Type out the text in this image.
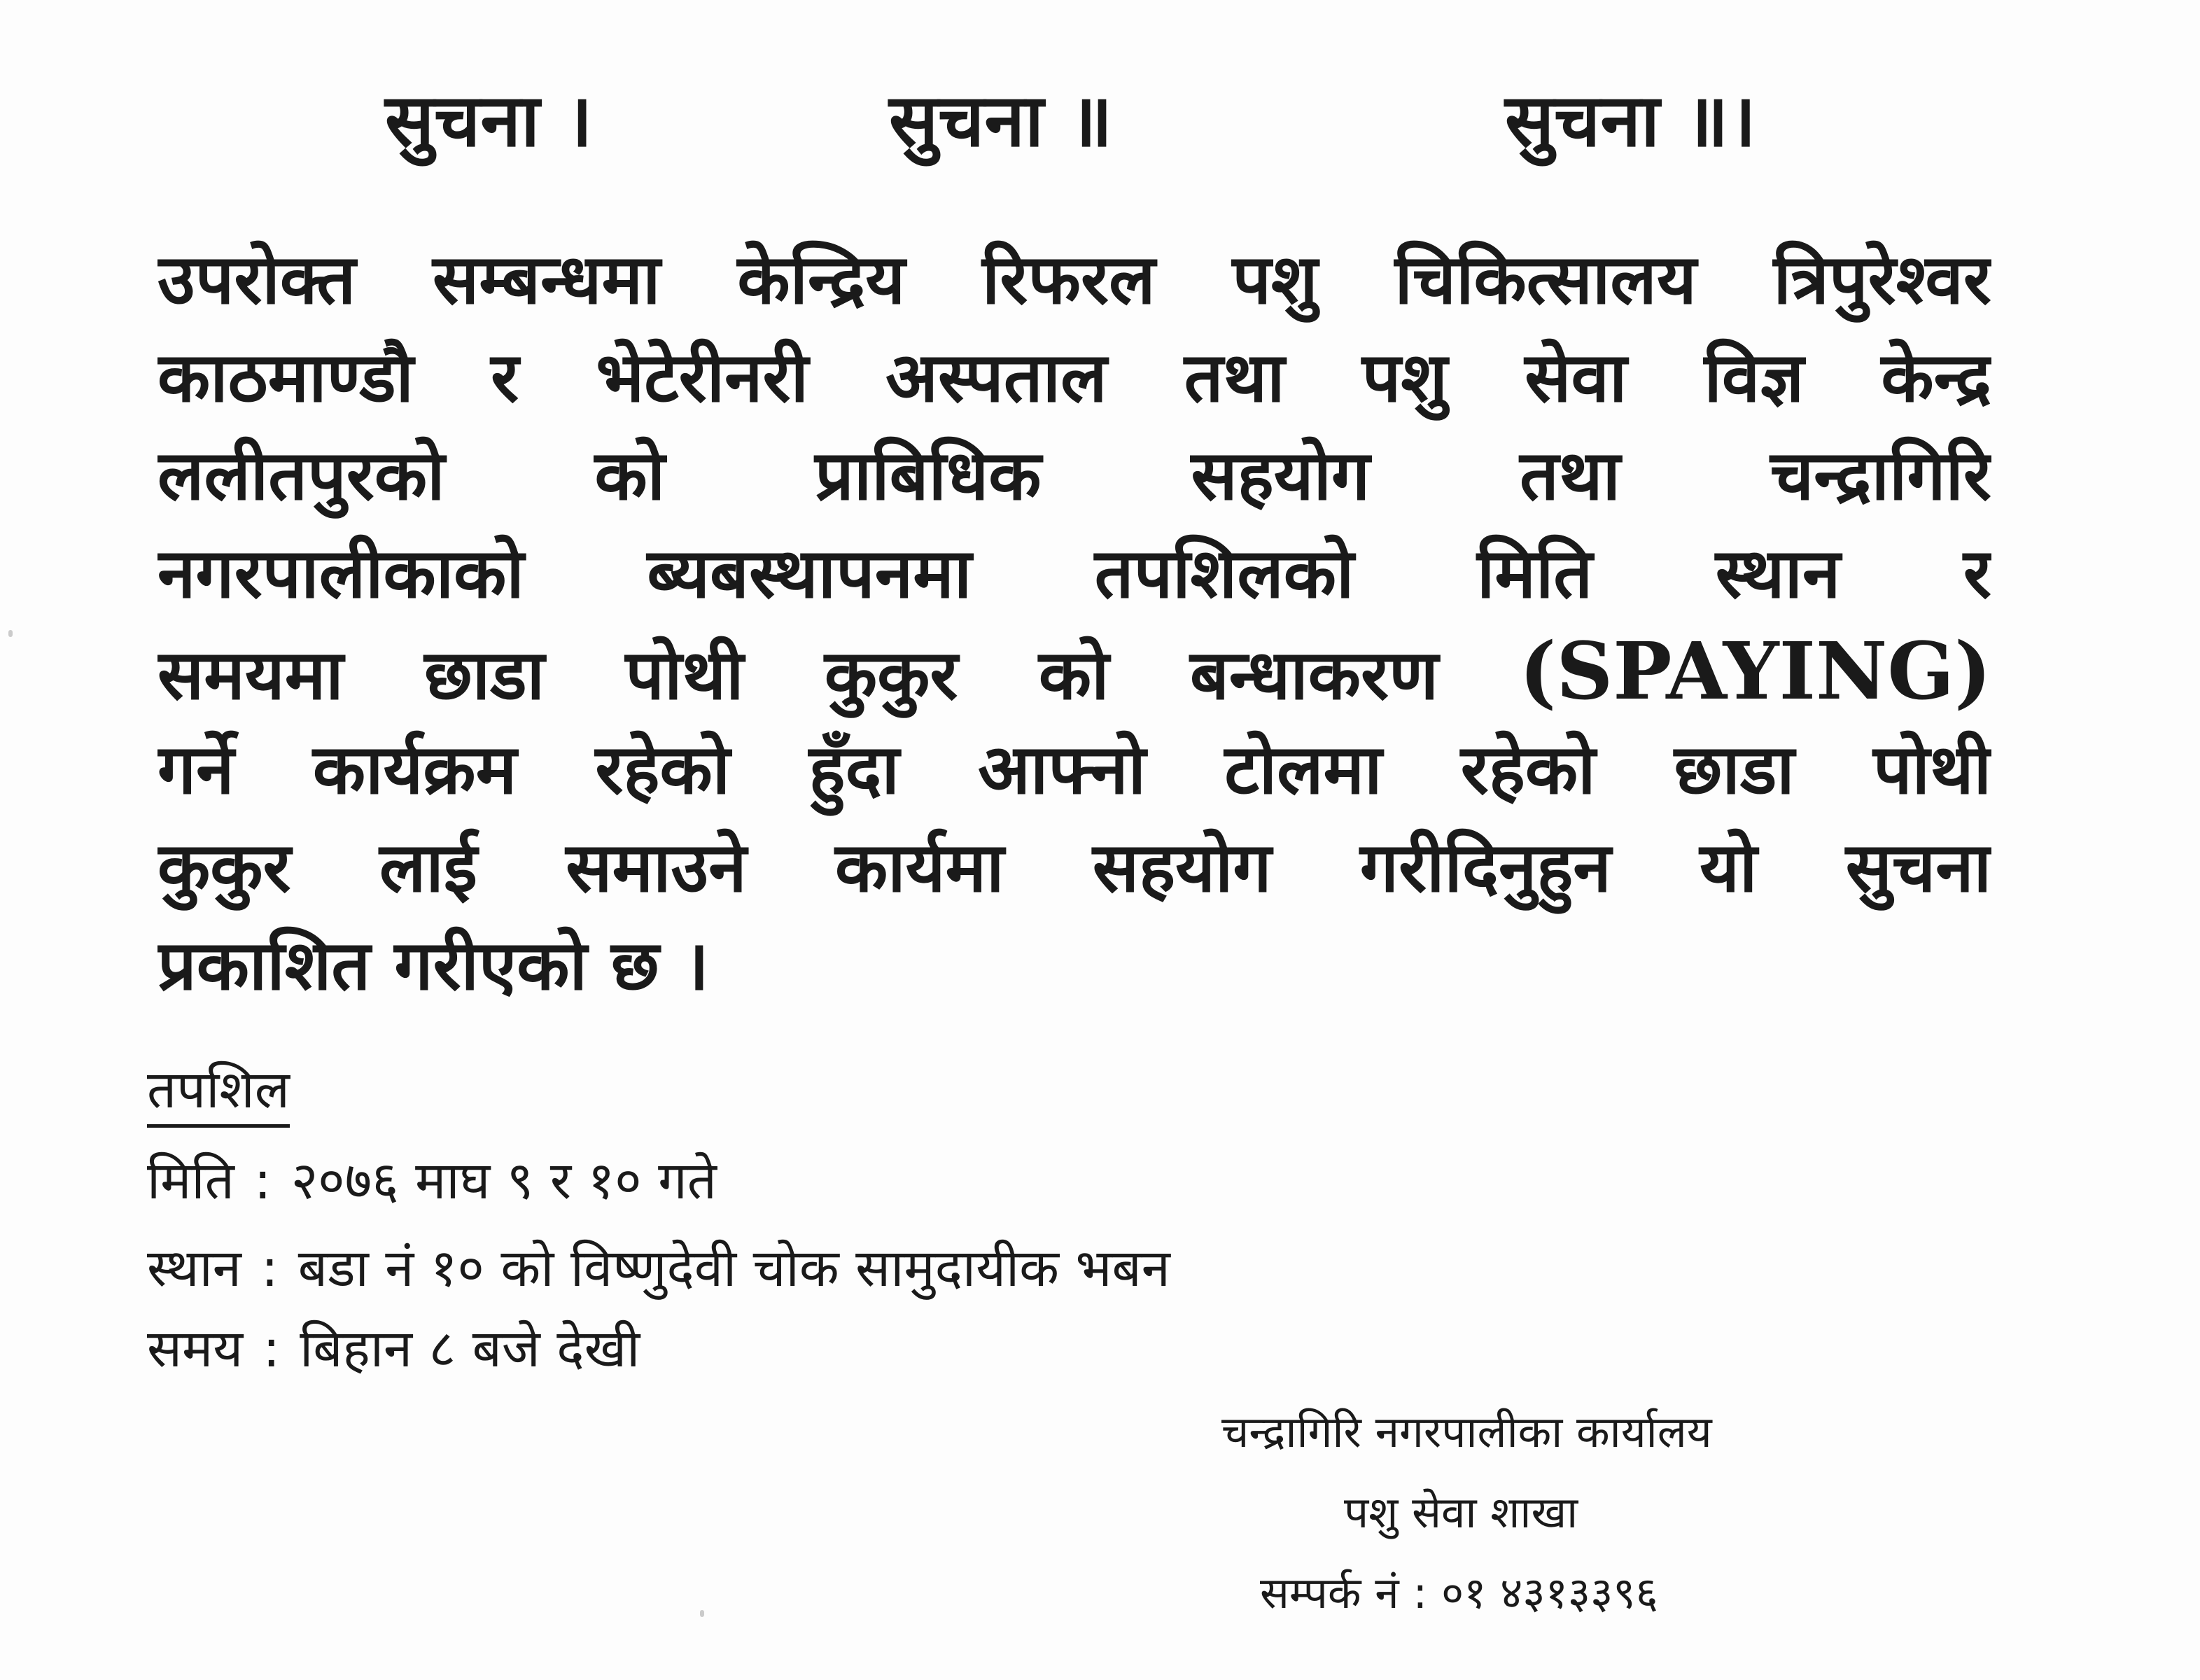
सुचना ।	सुचना ॥	सुचना ॥।
उपरोक्त सम्बन्धमा केन्द्रिय रिफरल पशु चिकित्सालय त्रिपुरेश्वर
काठमाण्डौ र भेटेरीनरी अस्पताल तथा पशु सेवा विज्ञ केन्द्र
ललीतपुरको को प्राबिधिक सहयोग तथा चन्द्रागिरि
नगरपालीकाको ब्यबस्थापनमा तपशिलको मिति स्थान र
समयमा छाडा पोथी कुकुर को बन्धाकरण (SPAYING)
गर्ने कार्यक्रम रहेको हुँदा आफ्नो टोलमा रहेको छाडा पोथी
कुकुर लाई समाउने कार्यमा सहयोग गरीदिनुहुन यो सुचना
प्रकाशित गरीएको छ ।
तपशिल
मिति : २०७६ माघ ९ र १० गते
स्थान : बडा नं १० को विष्णुदेवी चोक सामुदायीक भबन
समय : बिहान ८ बजे देखी
चन्द्रागिरि नगरपालीका कार्यालय
पशु सेवा शाखा
सम्पर्क नं : ०१ ४३१३३९६
